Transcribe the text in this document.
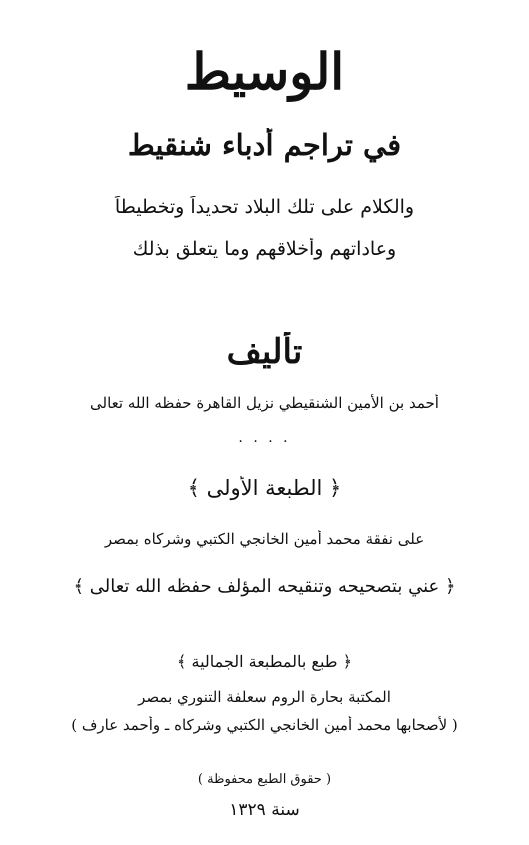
الوسيط
في تراجم أدباء شنقيط
والكلام على تلك البلاد تحديداً وتخطيطاً
وعاداتهم وأخلاقهم وما يتعلق بذلك
تأليف
أحمد بن الأمين الشنقيطي نزيل القاهرة حفظه الله تعالى
· · · ·
﴿ الطبعة الأولى ﴾
على نفقة محمد أمين الخانجي الكتبي وشركاه بمصر
﴿ عني بتصحيحه وتنقيحه المؤلف حفظه الله تعالى ﴾
﴿ طبع بالمطبعة الجمالية ﴾
المكتبة بحارة الروم سعلفة التنوري بمصر
( لأصحابها محمد أمين الخانجي الكتبي وشركاه ـ وأحمد عارف )
( حقوق الطبع محفوظة )
سنة ١٣٢٩
